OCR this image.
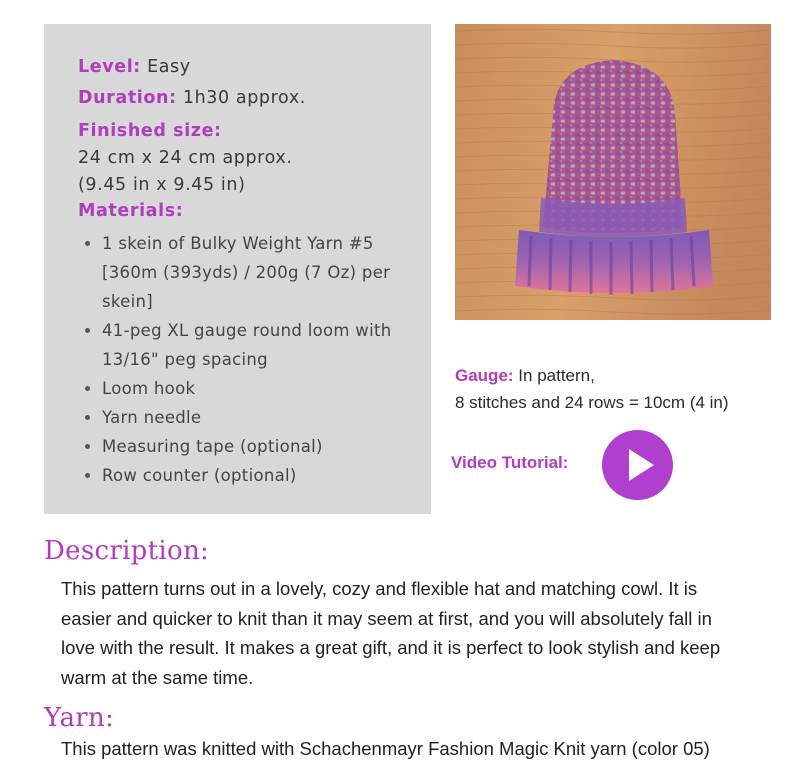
Level: Easy
Duration: 1h30 approx.
Finished size:
24 cm x 24 cm approx.
(9.45 in x 9.45 in)
Materials:
1 skein of Bulky Weight Yarn #5
[360m (393yds) / 200g (7 Oz) per skein]
41-peg XL gauge round loom with
13/16" peg spacing
Loom hook
Yarn needle
Measuring tape (optional)
Row counter (optional)
Gauge: In pattern,
8 stitches and 24 rows = 10cm (4 in)
Video Tutorial:
Description:
This pattern turns out in a lovely, cozy and flexible hat and matching cowl. It is easier and quicker to knit than it may seem at first, and you will absolutely fall in love with the result. It makes a great gift, and it is perfect to look stylish and keep warm at the same time.
Yarn:
This pattern was knitted with Schachenmayr Fashion Magic Knit yarn (color 05)
